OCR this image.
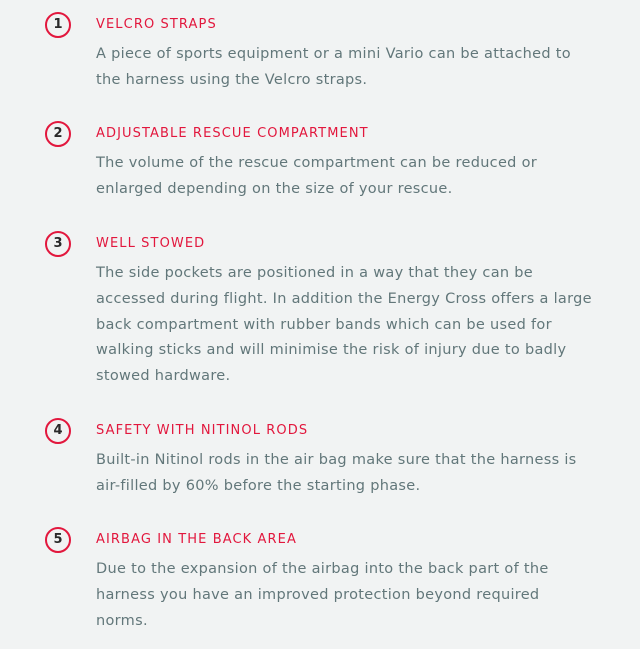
1	VELCRO STRAPS

A piece of sports equipment or a mini Vario can be attached to
the harness using the Velcro straps.

2	ADJUSTABLE RESCUE COMPARTMENT

The volume of the rescue compartment can be reduced or
enlarged depending on the size of your rescue.

3	WELL STOWED

The side pockets are positioned in a way that they can be
accessed during flight. In addition the Energy Cross offers a large
back compartment with rubber bands which can be used for
walking sticks and will minimise the risk of injury due to badly
stowed hardware.

4	SAFETY WITH NITINOL RODS

Built-in Nitinol rods in the air bag make sure that the harness is
air-filled by 60% before the starting phase.

5	AIRBAG IN THE BACK AREA

Due to the expansion of the airbag into the back part of the
harness you have an improved protection beyond required
norms.
